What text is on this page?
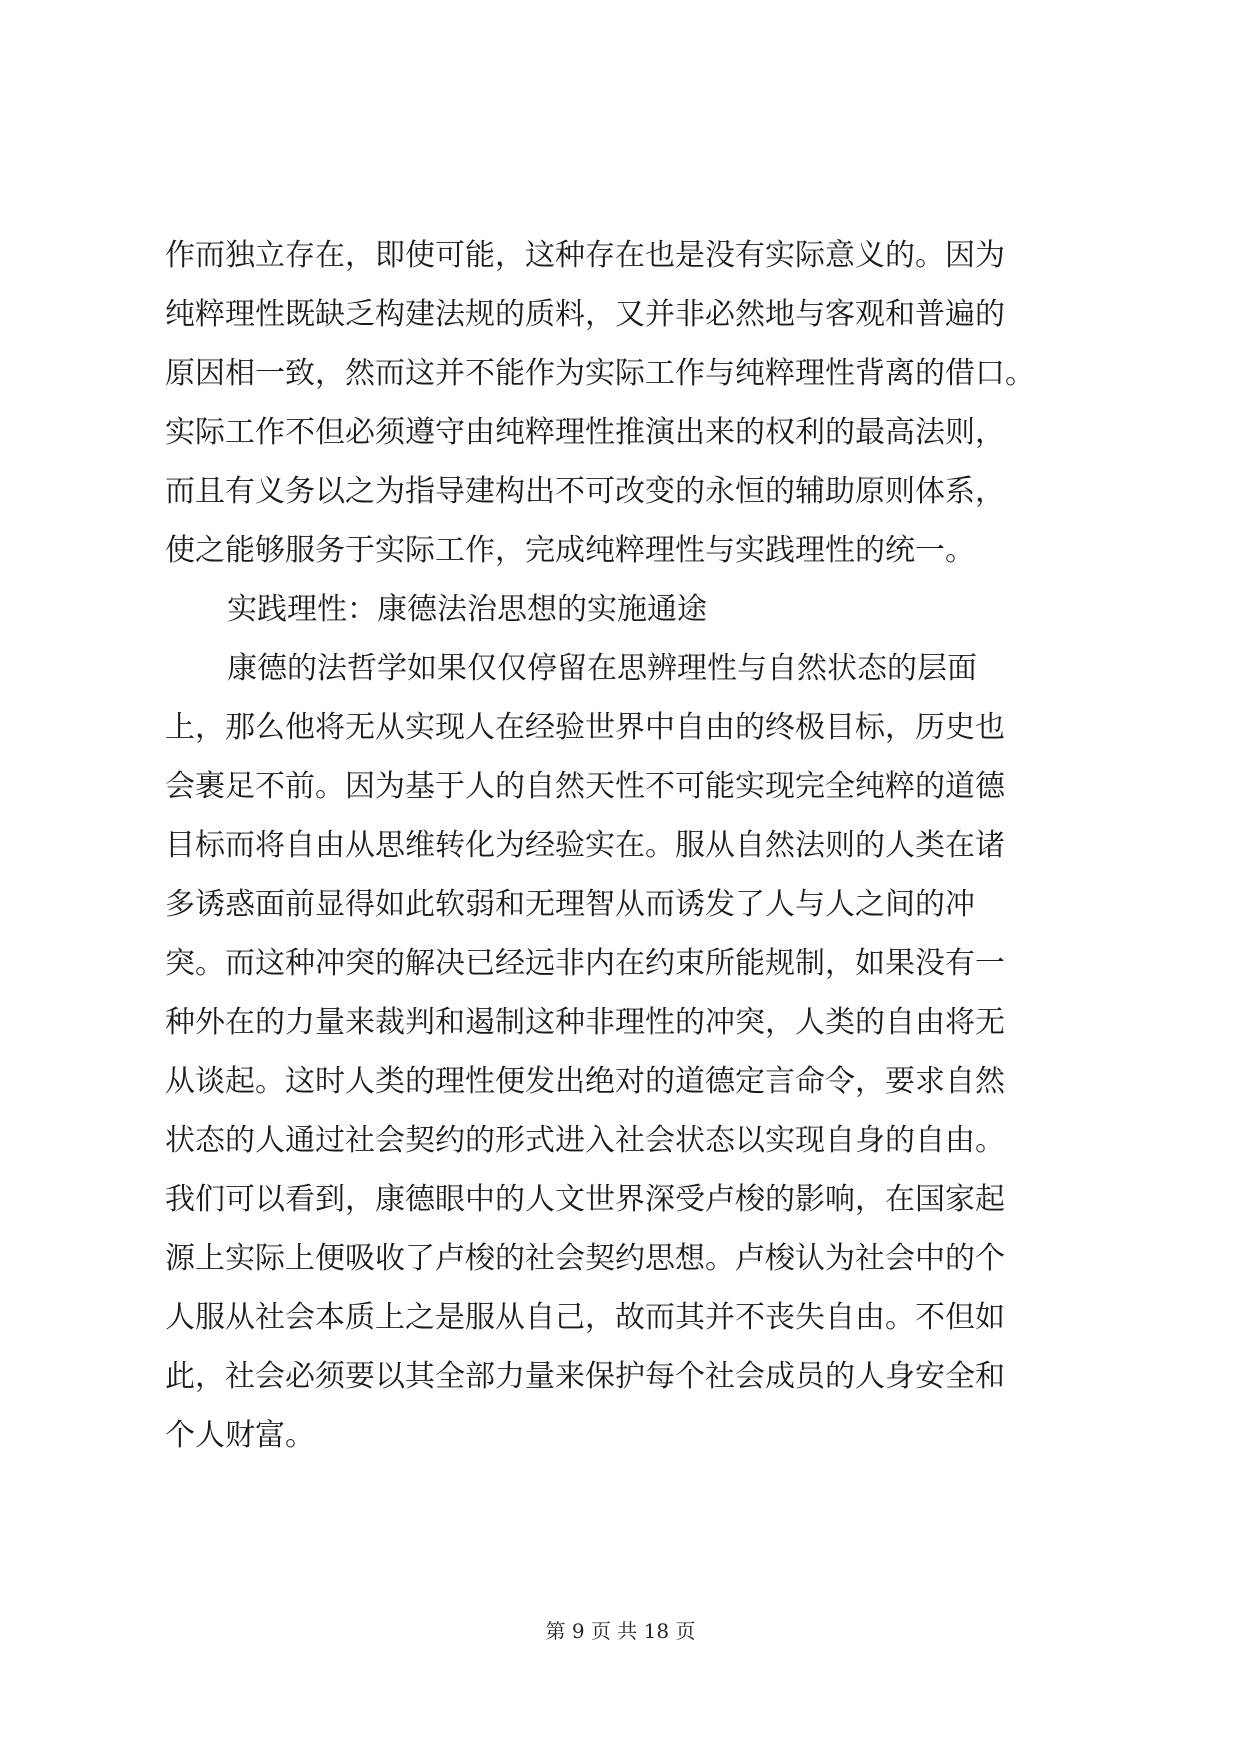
作而独立存在，即使可能，这种存在也是没有实际意义的。因为
纯粹理性既缺乏构建法规的质料，又并非必然地与客观和普遍的
原因相一致，然而这并不能作为实际工作与纯粹理性背离的借口。
实际工作不但必须遵守由纯粹理性推演出来的权利的最高法则，
而且有义务以之为指导建构出不可改变的永恒的辅助原则体系，
使之能够服务于实际工作，完成纯粹理性与实践理性的统一。
实践理性：康德法治思想的实施通途
康德的法哲学如果仅仅停留在思辨理性与自然状态的层面
上，那么他将无从实现人在经验世界中自由的终极目标，历史也
会裹足不前。因为基于人的自然天性不可能实现完全纯粹的道德
目标而将自由从思维转化为经验实在。服从自然法则的人类在诸
多诱惑面前显得如此软弱和无理智从而诱发了人与人之间的冲
突。而这种冲突的解决已经远非内在约束所能规制，如果没有一
种外在的力量来裁判和遏制这种非理性的冲突，人类的自由将无
从谈起。这时人类的理性便发出绝对的道德定言命令，要求自然
状态的人通过社会契约的形式进入社会状态以实现自身的自由。
我们可以看到，康德眼中的人文世界深受卢梭的影响，在国家起
源上实际上便吸收了卢梭的社会契约思想。卢梭认为社会中的个
人服从社会本质上之是服从自己，故而其并不丧失自由。不但如
此，社会必须要以其全部力量来保护每个社会成员的人身安全和
个人财富。
第 9 页 共 18 页
